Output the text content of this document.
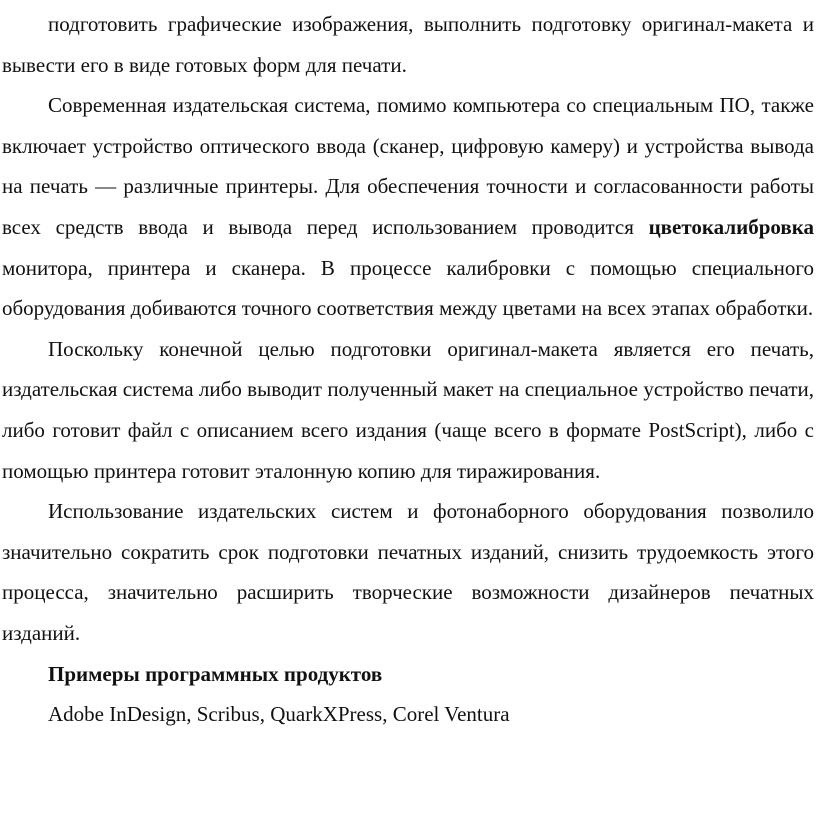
подготовить графические изображения, выполнить подготовку оригинал-макета и вывести его в виде готовых форм для печати.

Современная издательская система, помимо компьютера со специальным ПО, также включает устройство оптического ввода (сканер, цифровую камеру) и устройства вывода на печать — различные принтеры. Для обеспечения точности и согласованности работы всех средств ввода и вывода перед использованием проводится цветокалибровка монитора, принтера и сканера. В процессе калибровки с помощью специального оборудования добиваются точного соответствия между цветами на всех этапах обработки.

Поскольку конечной целью подготовки оригинал-макета является его печать, издательская система либо выводит полученный макет на специальное устройство печати, либо готовит файл с описанием всего издания (чаще всего в формате PostScript), либо с помощью принтера готовит эталонную копию для тиражирования.

Использование издательских систем и фотонаборного оборудования позволило значительно сократить срок подготовки печатных изданий, снизить трудоемкость этого процесса, значительно расширить творческие возможности дизайнеров печатных изданий.

Примеры программных продуктов

Adobe InDesign, Scribus, QuarkXPress, Corel Ventura
